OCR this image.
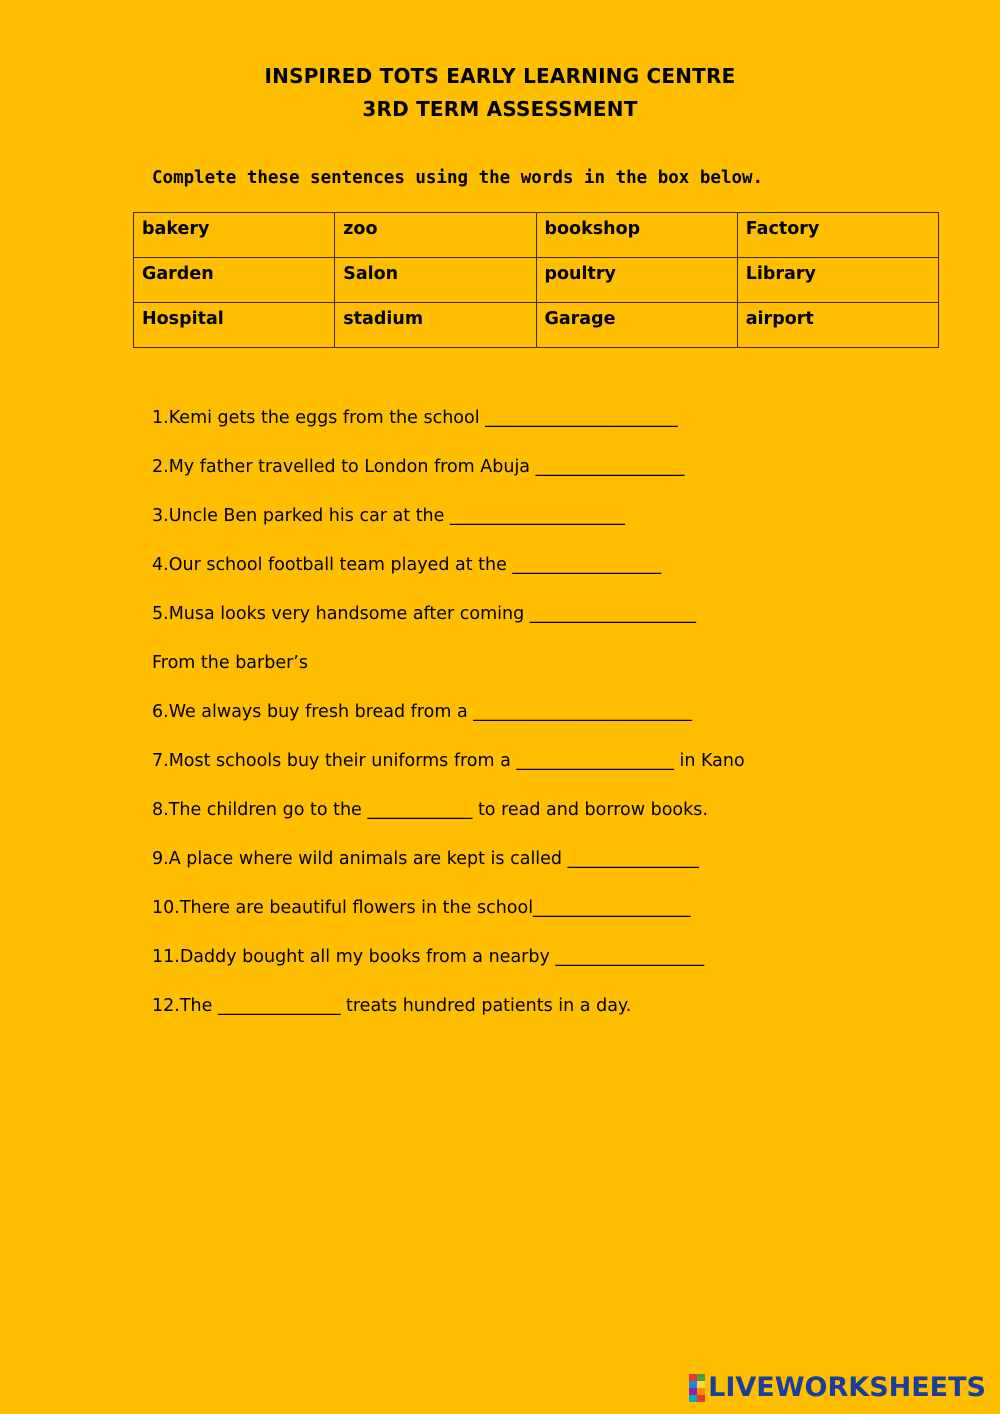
INSPIRED TOTS EARLY LEARNING CENTRE
3RD TERM ASSESSMENT
Complete these sentences using the words in the box below.
bakery	zoo	bookshop	Factory
Garden	Salon	poultry	Library
Hospital	stadium	Garage	airport
1.Kemi gets the eggs from the school ______________________
2.My father travelled to London from Abuja _________________
3.Uncle Ben parked his car at the ____________________
4.Our school football team played at the _________________
5.Musa looks very handsome after coming ___________________
From the barber’s
6.We always buy fresh bread from a _________________________
7.Most schools buy their uniforms from a __________________ in Kano
8.The children go to the ____________ to read and borrow books.
9.A place where wild animals are kept is called _______________
10.There are beautiful flowers in the school__________________
11.Daddy bought all my books from a nearby _________________
12.The ______________ treats hundred patients in a day.
LIVEWORKSHEETS
